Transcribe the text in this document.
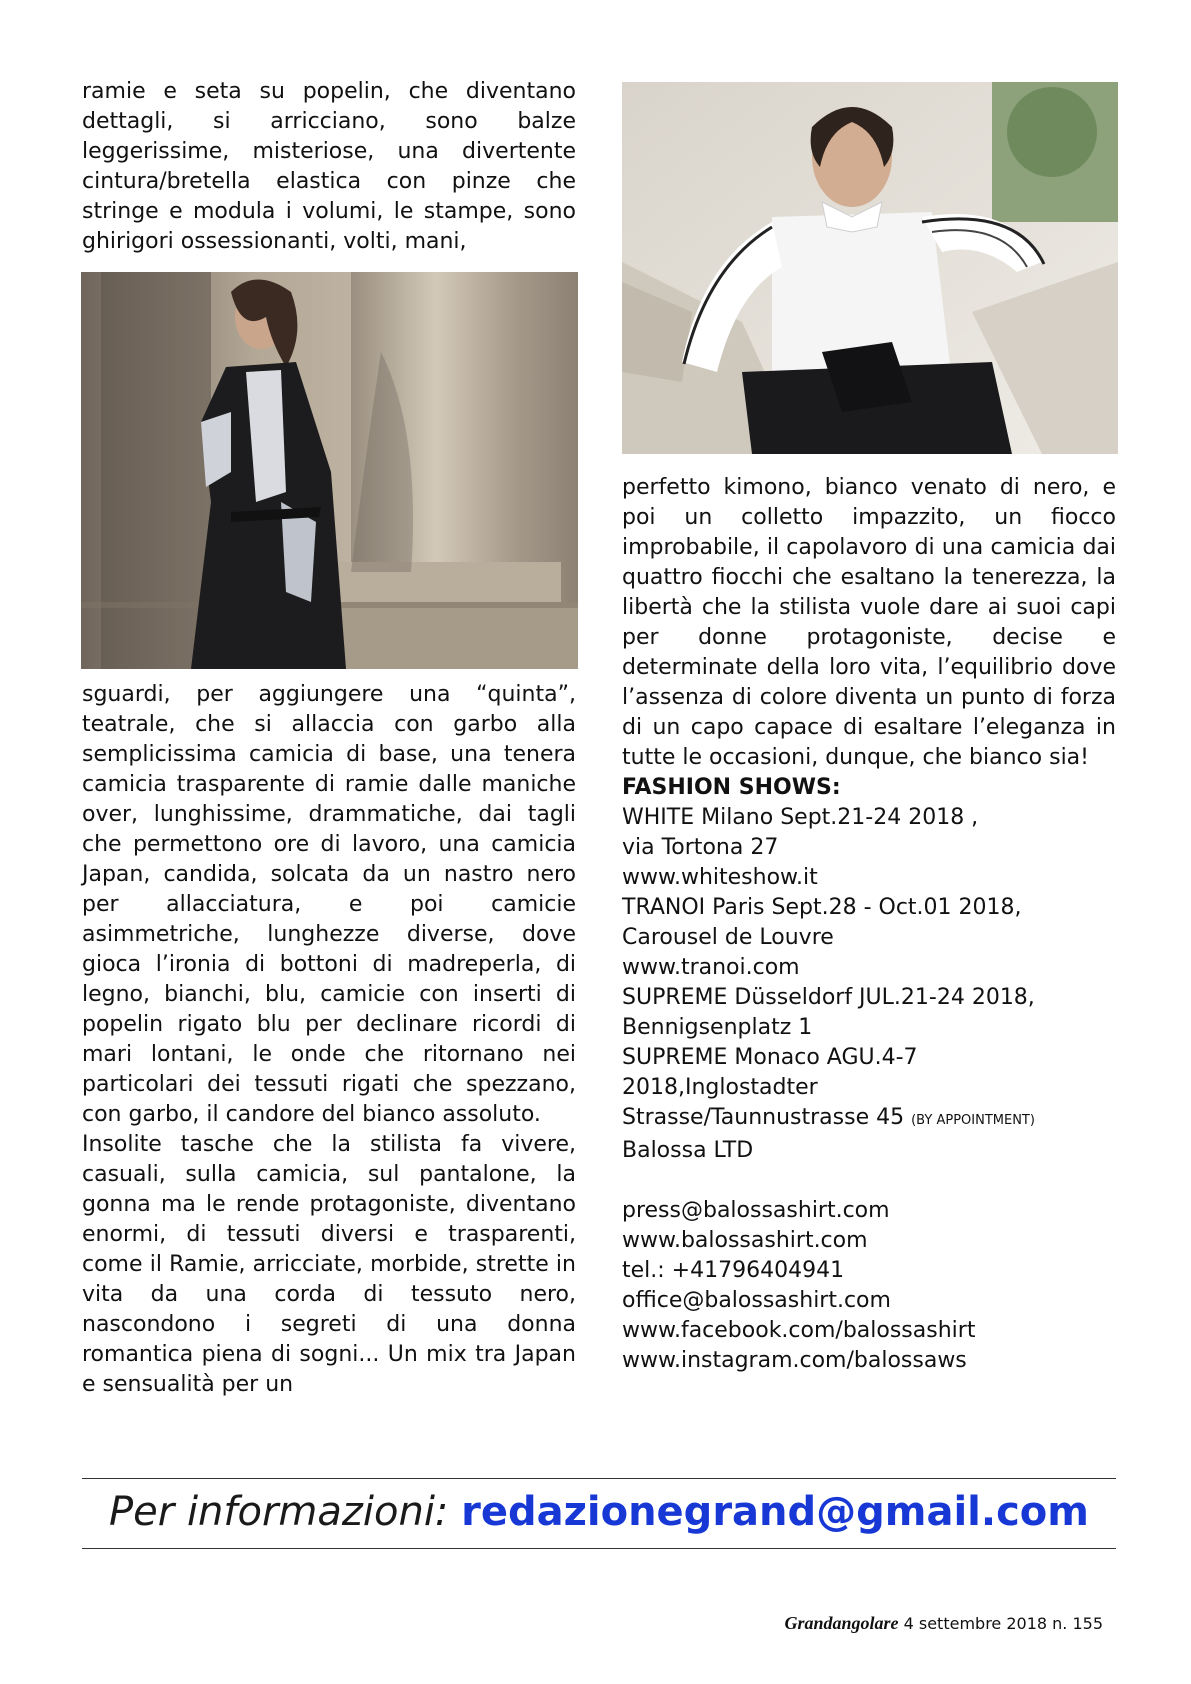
ramie e seta su popelin, che diventano dettagli, si arricciano, sono balze leggerissime, misteriose, una divertente cintura/bretella elastica con pinze che stringe e modula i volumi, le stampe, sono ghirigori ossessionanti, volti, mani,

sguardi, per aggiungere una “quinta”, teatrale, che si allaccia con garbo alla semplicissima camicia di base, una tenera camicia trasparente di ramie dalle maniche over, lunghissime, drammatiche, dai tagli che permettono ore di lavoro, una camicia Japan, candida, solcata da un nastro nero per allacciatura, e poi camicie asimmetriche, lunghezze diverse, dove gioca l’ironia di bottoni di madreperla, di legno, bianchi, blu, camicie con inserti di popelin rigato blu per declinare ricordi di mari lontani, le onde che ritornano nei particolari dei tessuti rigati che spezzano, con garbo, il candore del bianco assoluto.

Insolite tasche che la stilista fa vivere, casuali, sulla camicia, sul pantalone, la gonna ma le rende protagoniste, diventano enormi, di tessuti diversi e trasparenti, come il Ramie, arricciate, morbide, strette in vita da una corda di tessuto nero, nascondono i segreti di una donna romantica piena di sogni... Un mix tra Japan e sensualità per un

perfetto kimono, bianco venato di nero, e poi un colletto impazzito, un fiocco improbabile, il capolavoro di una camicia dai quattro fiocchi che esaltano la tenerezza, la libertà che la stilista vuole dare ai suoi capi per donne protagoniste, decise e determinate della loro vita, l’equilibrio dove l’assenza di colore diventa un punto di forza di un capo capace di esaltare l’eleganza in tutte le occasioni, dunque, che bianco sia!

FASHION SHOWS:
WHITE Milano Sept.21-24 2018 ,
via Tortona 27
www.whiteshow.it
TRANOI Paris Sept.28 - Oct.01 2018,
Carousel de Louvre
www.tranoi.com
SUPREME Düsseldorf JUL.21-24 2018,
Bennigsenplatz 1
SUPREME Monaco AGU.4-7
2018,Inglostadter
Strasse/Taunnustrasse 45 (BY APPOINTMENT)
Balossa LTD
press@balossashirt.com
www.balossashirt.com
tel.: +41796404941
office@balossashirt.com
www.facebook.com/balossashirt
www.instagram.com/balossaws
Per informazioni: redazionegrand@gmail.com
Grandangolare 4 settembre 2018 n. 155
